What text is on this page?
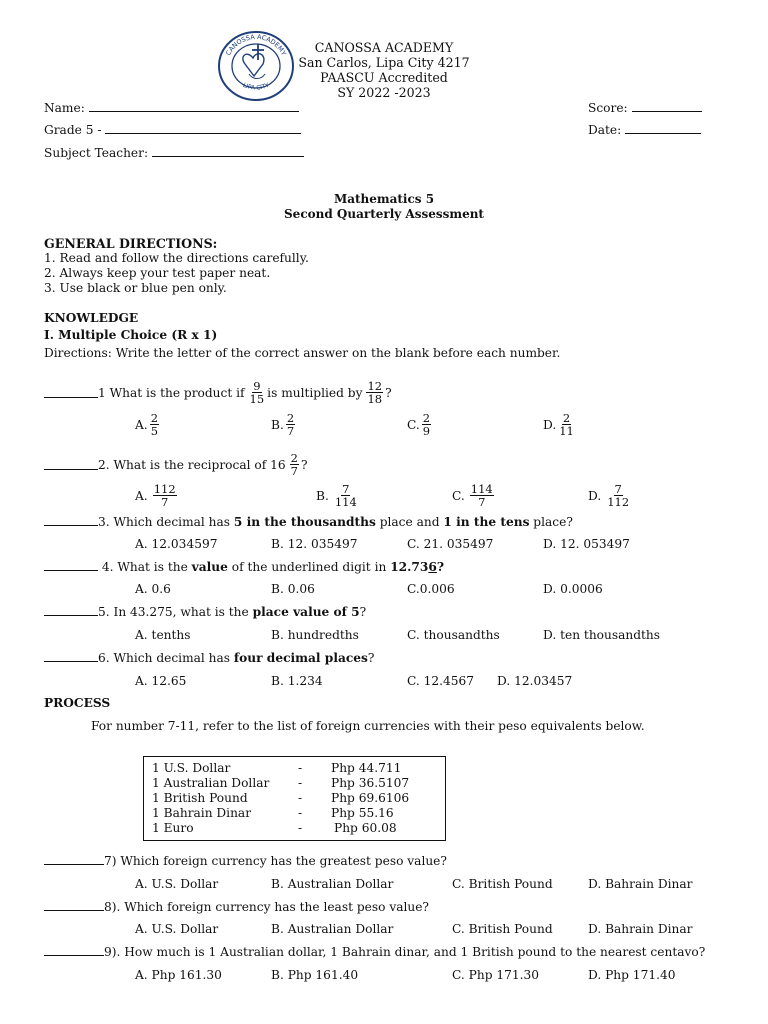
CANOSSA ACADEMY
LIPA CITY
CANOSSA ACADEMY
San Carlos, Lipa City 4217
PAASCU Accredited
SY 2022 -2023
Name:
Grade 5 -
Subject Teacher:
Score:
Date:
Mathematics 5
Second Quarterly Assessment
GENERAL DIRECTIONS:
1. Read and follow the directions carefully.
2. Always keep your test paper neat.
3. Use black or blue pen only.
KNOWLEDGE
I. Multiple Choice (R x 1)
Directions: Write the letter of the correct answer on the blank before each number.
1 What is the product if $\frac{9}{15}$ is multiplied by $\frac{12}{18}$ ?
A. $\frac{2}{5}$	B. $\frac{2}{7}$	C. $\frac{2}{9}$	D. $\frac{2}{11}$
2. What is the reciprocal of $16 \frac{2}{7}$ ?
A. $\frac{112}{7}$	B. $\frac{7}{114}$	C. $\frac{114}{7}$	D. $\frac{7}{112}$
3. Which decimal has 5 in the thousandths place and 1 in the tens place?
A. 12.034597	B. 12. 035497	C. 21. 035497	D. 12. 053497
4. What is the value of the underlined digit in 12.736?
A. 0.6	B. 0.06	C.0.006	D. 0.0006
5. In 43.275, what is the place value of 5?
A. tenths	B. hundredths	C. thousandths	D. ten thousandths
6. Which decimal has four decimal places?
A. 12.65	B. 1.234	C. 12.4567 D. 12.03457
PROCESS
For number 7-11, refer to the list of foreign currencies with their peso equivalents below.
1 U.S. Dollar	- Php 44.711
1 Australian Dollar - Php 36.5107
1 British Pound	- Php 69.6106
1 Bahrain Dinar	- Php 55.16
1 Euro	-	Php 60.08
7) Which foreign currency has the greatest peso value?
A. U.S. Dollar	B. Australian Dollar	C. British Pound	D. Bahrain Dinar
8). Which foreign currency has the least peso value?
A. U.S. Dollar	B. Australian Dollar	C. British Pound	D. Bahrain Dinar
9). How much is 1 Australian dollar, 1 Bahrain dinar, and 1 British pound to the nearest centavo?
A. Php 161.30	B. Php 161.40	C. Php 171.30	D. Php 171.40
